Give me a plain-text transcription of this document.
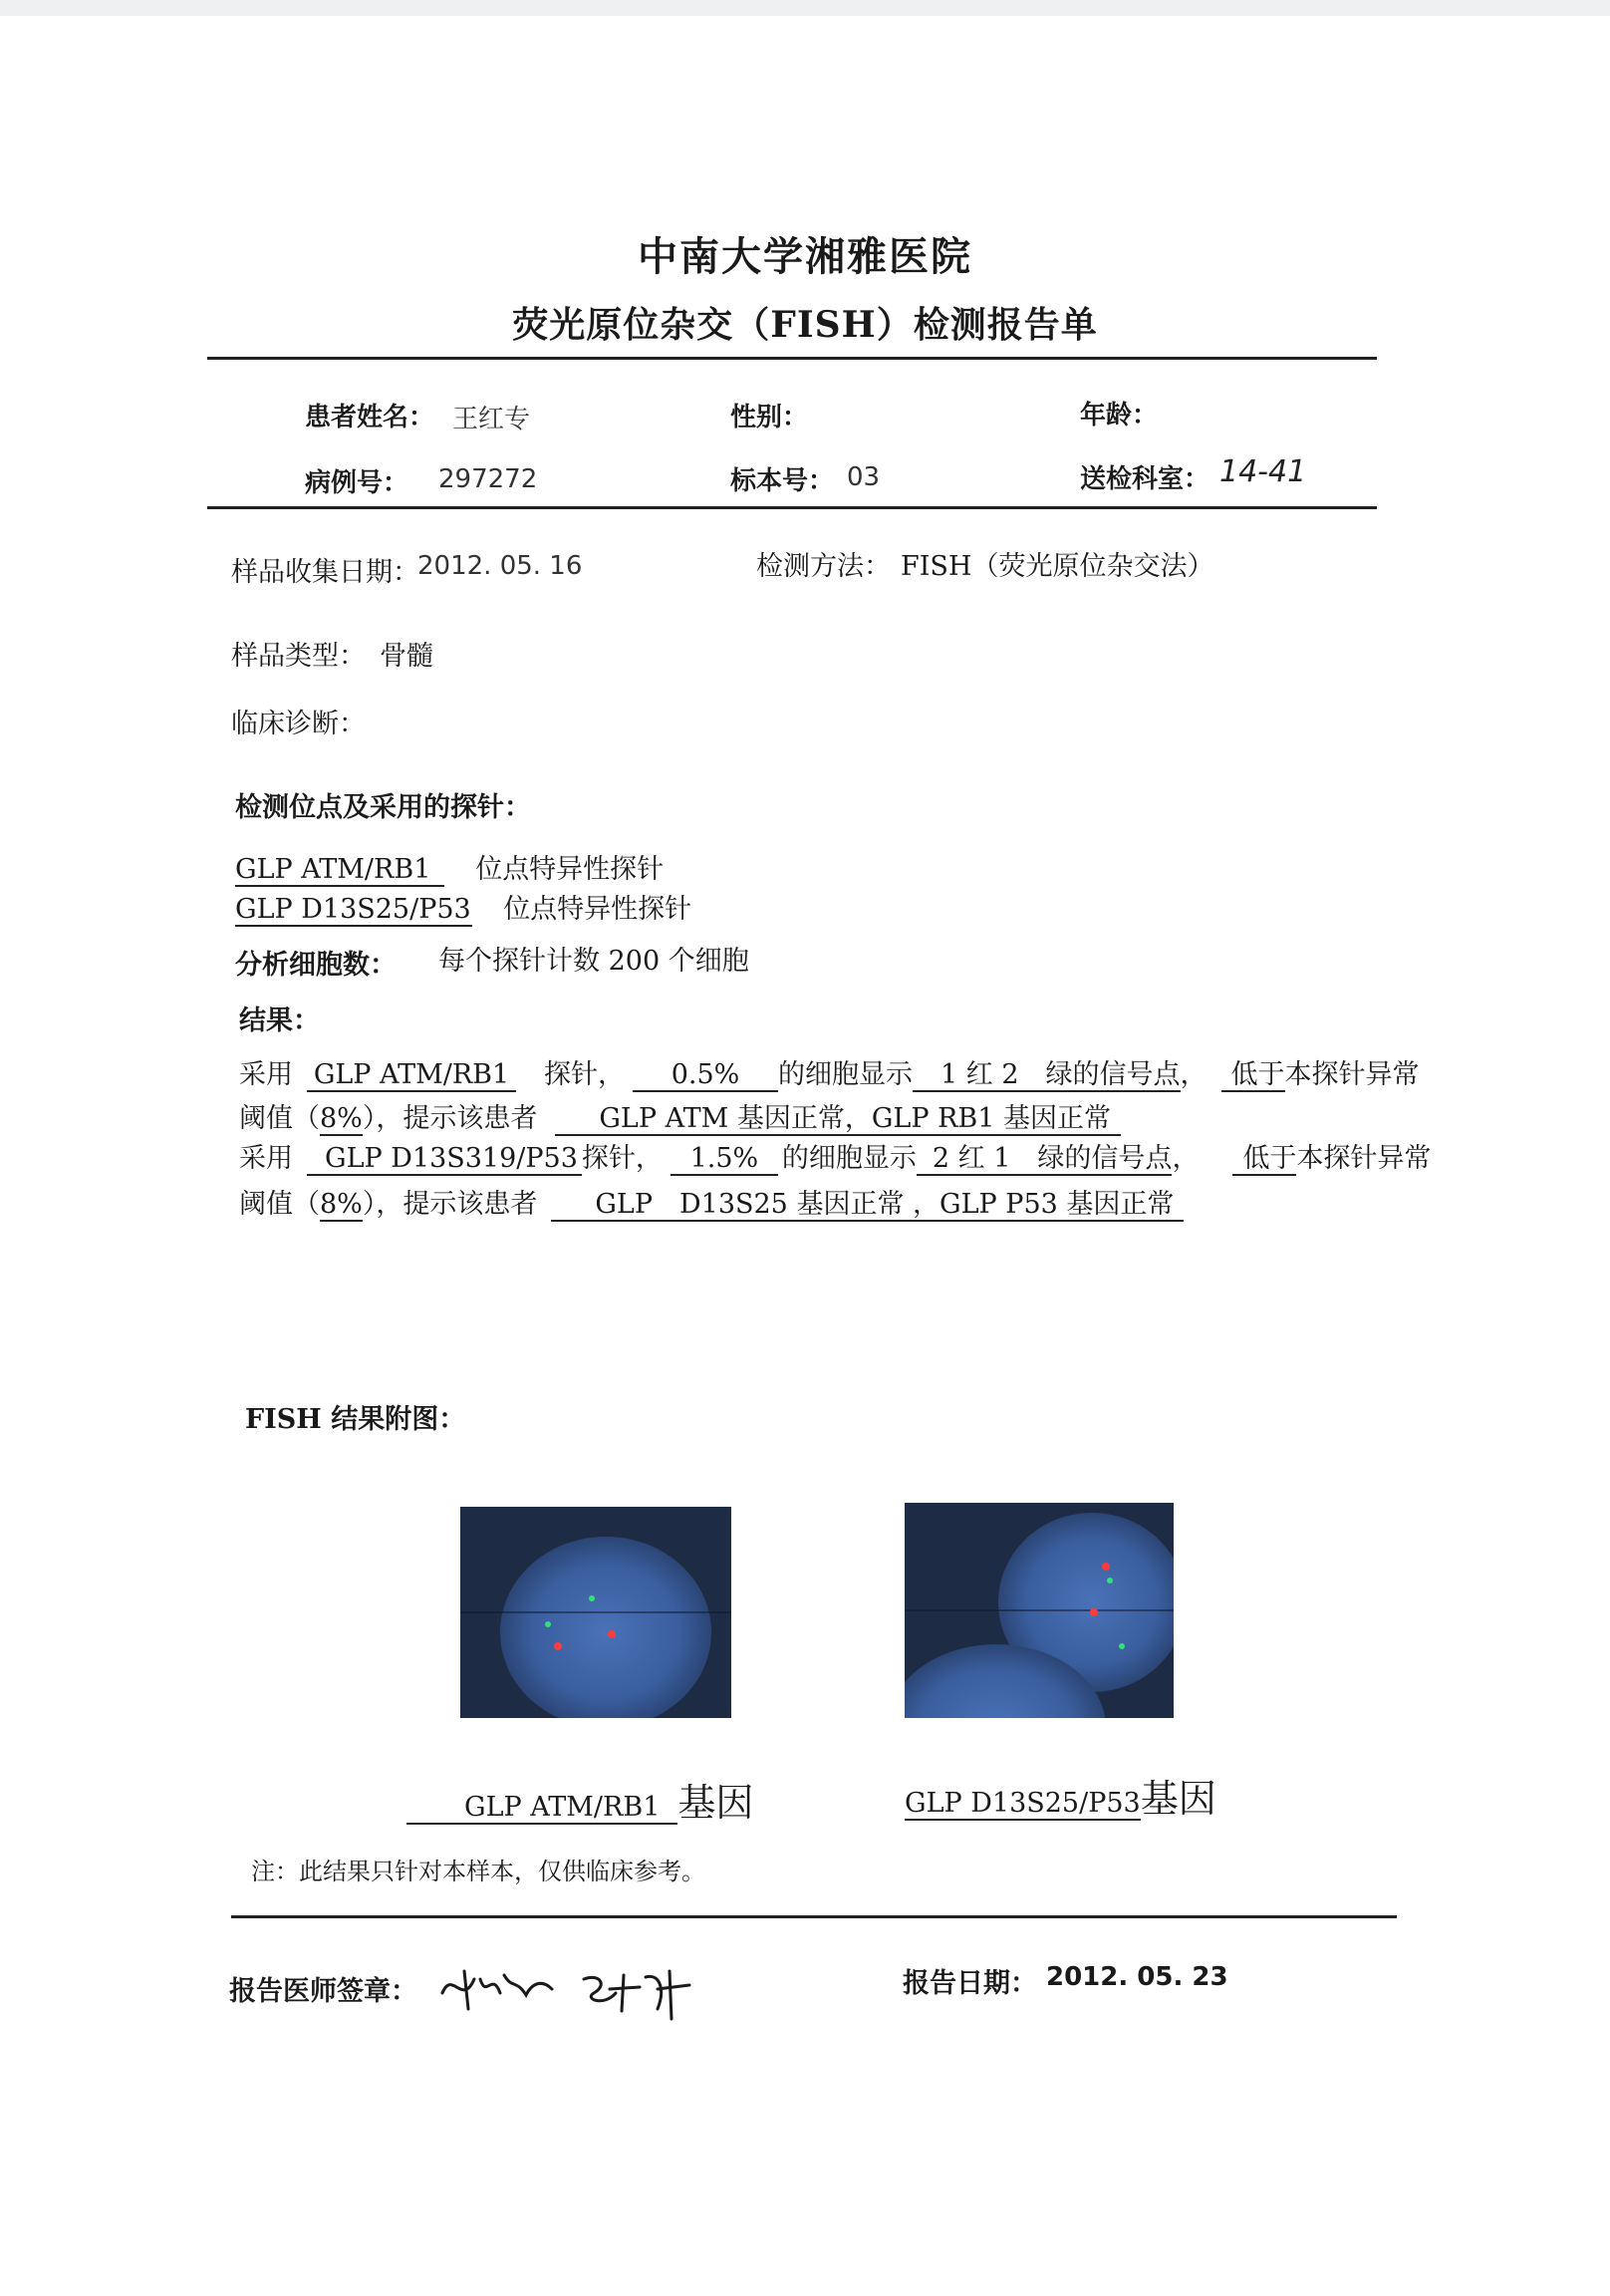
中南大学湘雅医院
荧光原位杂交（FISH）检测报告单
患者姓名： 王红专	性别：	年龄：
病例号： 297272	标本号： 03	送检科室： 14-41
样品收集日期：
2012. 05. 16	检测方法： FISH（荧光原位杂交法）
样品类型： 骨髓
临床诊断：
检测位点及采用的探针：
GLP ATM/RB1 位点特异性探针
GLP D13S25/P53 位点特异性探针
分析细胞数： 每个探针计数 200 个细胞
结果：
采用 GLP ATM/RB1 探针， 0.5% 的细胞显示 1 红 2　绿的信号点， 低于本探针异常
阈值（8%），提示该患者 GLP ATM 基因正常，GLP RB1 基因正常
采用 GLP D13S319/P53 探针， 1.5% 的细胞显示 2 红 1　绿的信号点， 低于本探针异常
阈值（8%），提示该患者 GLP　D13S25 基因正常 ，GLP P53 基因正常
FISH 结果附图：
GLP ATM/RB1 基因	GLP D13S25/P53基因
注：此结果只针对本样本，仅供临床参考。
报告医师签章：	报告日期： 2012. 05. 23
